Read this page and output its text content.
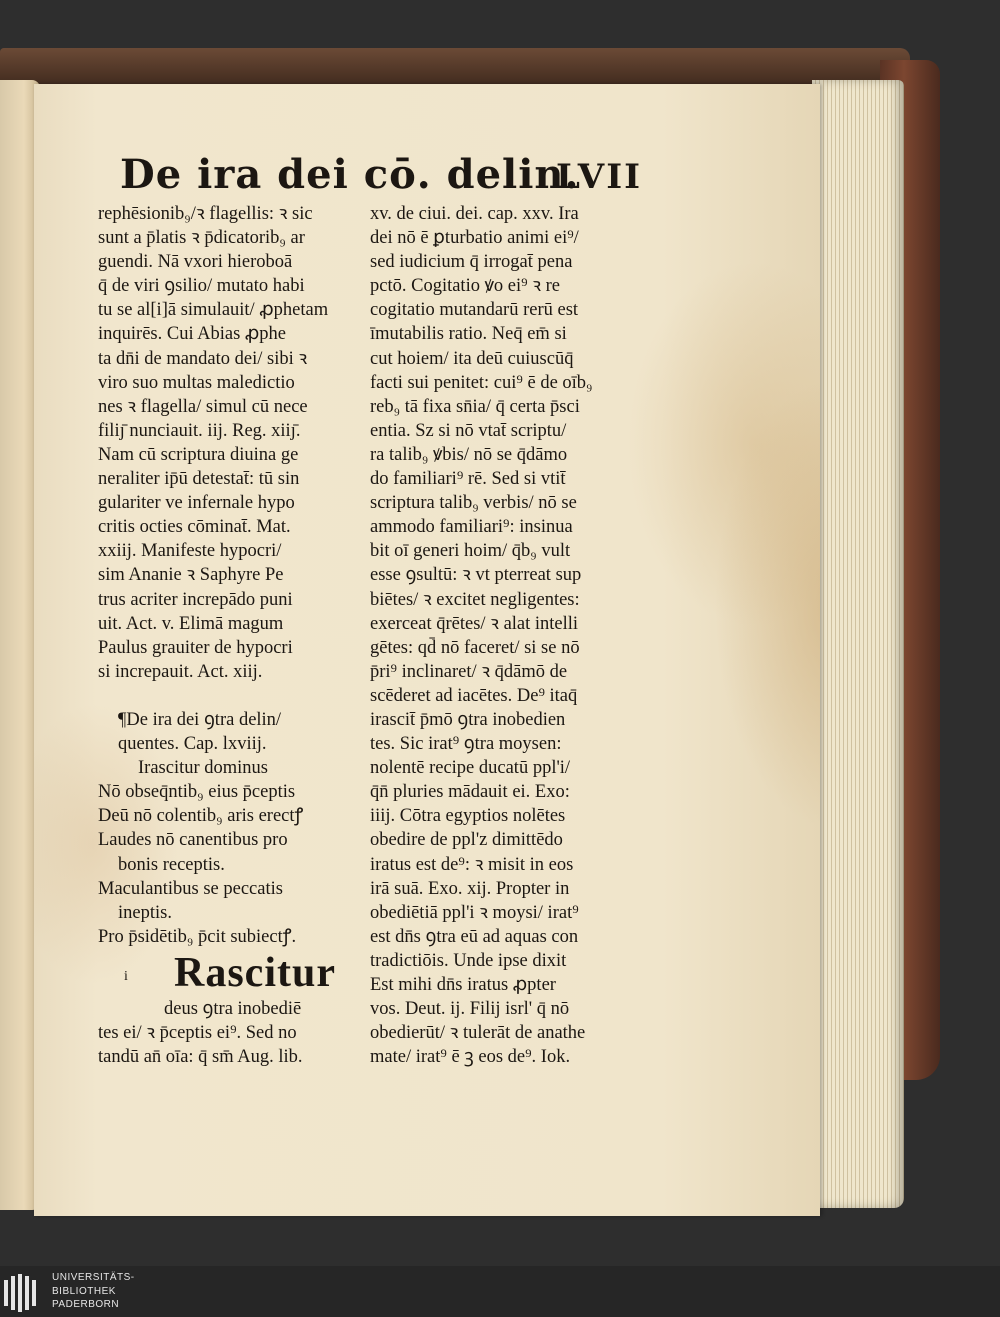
De ira dei cō. delin.
LVII
rephēsionib₉/ꝛ flagellis: ꝛ sic
sunt a p̄latis ꝛ p̄dicatorib₉ ar
guendi. Nā vxori hieroboā
q̄ de viri ꝯsilio/ mutato habi
tu se al[i]ā simulauit/ ꝓphetam
inquirēs. Cui Abias ꝓphe
ta dn̄i de mandato dei/ sibi ꝛ
viro suo multas maledictio
nes ꝛ flagella/ simul cū nece
filiȷ̄ nunciauit. iij. Reg. xiiȷ̄.
Nam cū scriptura diuina ge
neraliter ip̄ū detestat̄: tū sin
gulariter ve infernale hypo
critis octies cōminat̄. Mat.
xxiij. Manifeste hypocri/
sim Ananie ꝛ Saphyre Pe
trus acriter increpādo puni
uit. Act. v. Elimā magum
Paulus grauiter de hypocri
si increpauit. Act. xiij.
¶De ira dei ꝯtra delin/
quentes. Cap. lxviij.
Irascitur dominus
Nō obseq̄ntib₉ eius p̄ceptis
Deū nō colentib₉ aris erectꝭ
Laudes nō canentibus pro
bonis receptis.
Maculantibus se peccatis
ineptis.
Pro p̄sidētib₉ p̄cit subiectꝭ.
i Rascitur
deus ꝯtra inobediē
tes ei/ ꝛ p̄ceptis ei⁹. Sed no
tandū an̄ oīa: q̄ sm̄ Aug. lib.
xv. de ciui. dei. cap. xxv. Ira
dei nō ē ꝑturbatio animi ei⁹/
sed iudicium q̄ irrogat̄ pena
pctō. Cogitatio ꝟo ei⁹ ꝛ re
cogitatio mutandarū rerū est
īmutabilis ratio. Neq̄ em̄ si
cut hoiem/ ita deū cuiuscūq̄
facti sui penitet: cui⁹ ē de oīb₉
reb₉ tā fixa sn̄ia/ q̄ certa p̄sci
entia. Sz si nō vtat̄ scriptu/
ra talib₉ ꝟbis/ nō se q̄dāmo
do familiari⁹ rē. Sed si vtit̄
scriptura talib₉ verbis/ nō se
ammodo familiari⁹: insinua
bit oī generi hoim/ q̄b₉ vult
esse ꝯsultū: ꝛ vt pterreat sup
biētes/ ꝛ excitet negligentes:
exerceat q̄rētes/ ꝛ alat intelli
gētes: qd̄ nō faceret/ si se nō
p̄ri⁹ inclinaret/ ꝛ q̄dāmō de
scēderet ad iacētes. De⁹ itaq̄
irascit̄ p̄mō ꝯtra inobedien
tes. Sic irat⁹ ꝯtra moysen:
nolentē recipe ducatū ppl'i/
q̄n̄ pluries mādauit ei. Exo:
iiij. Cōtra egyptios nolētes
obedire de ppl'z dimittēdo
iratus est de⁹: ꝛ misit in eos
irā suā. Exo. xij. Propter in
obediētiā ppl'i ꝛ moysi/ irat⁹
est dn̄s ꝯtra eū ad aquas con
tradictiōis. Unde ipse dixit
Est mihi dn̄s iratus ꝓpter
vos. Deut. ij. Filij isrl' q̄ nō
obedierūt/ ꝛ tulerāt de anathe
mate/ irat⁹ ē ꝫ eos de⁹. Iok.
UNIVERSITÄTS-
BIBLIOTHEK
PADERBORN
